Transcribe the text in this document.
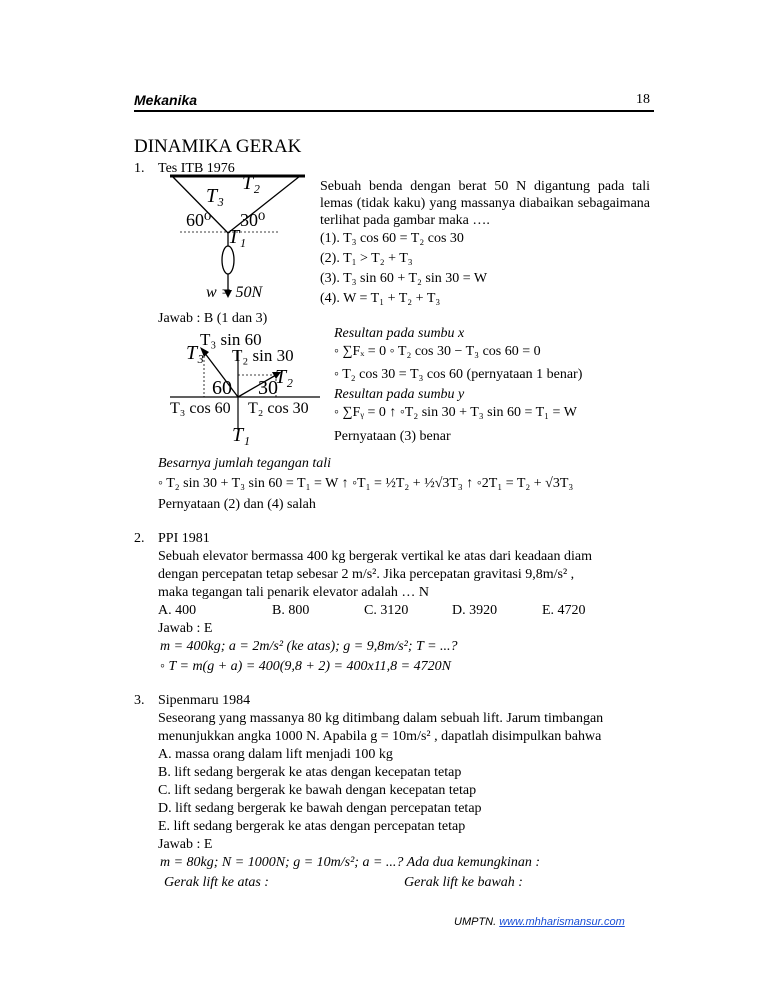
Mekanika	18
DINAMIKA GERAK
1. Tes ITB 1976
T₃
T₂
T₁
60⁰ 30⁰
w = 50N
Sebuah benda dengan berat 50 N digantung pada tali lemas (tidak kaku) yang massanya diabaikan sebagaimana terlihat pada gambar maka ….
(1). T₃ cos 60 = T₂ cos 30
(2). T₁ > T₂ + T₃
(3). T₃ sin 60 + T₂ sin 30 = W
(4). W = T₁ + T₂ + T₃
Jawab : B (1 dan 3)
T₃ sin 60
T₃ T₂ sin 30
T₂
60 30
T₃ cos 60 T₂ cos 30
T₁
Resultan pada sumbu x
◦ ∑Fₓ = 0 ◦ T₂ cos 30 − T₃ cos 60 = 0
◦ T₂ cos 30 = T₃ cos 60 (pernyataan 1 benar)
Resultan pada sumbu y
◦ ∑Fᵧ = 0 ↑ ◦T₂ sin 30 + T₃ sin 60 = T₁ = W
Pernyataan (3) benar
Besarnya jumlah tegangan tali
◦ T₂ sin 30 + T₃ sin 60 = T₁ = W ↑ ◦T₁ = ½T₂ + ½√3T₃ ↑ ◦2T₁ = T₂ + √3T₃
Pernyataan (2) dan (4) salah
2. PPI 1981
Sebuah elevator bermassa 400 kg bergerak vertikal ke atas dari keadaan diam
dengan percepatan tetap sebesar 2 m/s². Jika percepatan gravitasi 9,8m/s² ,
maka tegangan tali penarik elevator adalah … N
A. 400	B. 800	C. 3120	D. 3920	E. 4720
Jawab : E
m = 400kg; a = 2m/s² (ke atas); g = 9,8m/s²; T = ...?
◦ T = m(g + a) = 400(9,8 + 2) = 400x11,8 = 4720N
3. Sipenmaru 1984
Seseorang yang massanya 80 kg ditimbang dalam sebuah lift. Jarum timbangan
menunjukkan angka 1000 N. Apabila g = 10m/s² , dapatlah disimpulkan bahwa
A. massa orang dalam lift menjadi 100 kg
B. lift sedang bergerak ke atas dengan kecepatan tetap
C. lift sedang bergerak ke bawah dengan kecepatan tetap
D. lift sedang bergerak ke bawah dengan percepatan tetap
E. lift sedang bergerak ke atas dengan percepatan tetap
Jawab : E
m = 80kg; N = 1000N; g = 10m/s²; a = ...? Ada dua kemungkinan :
Gerak lift ke atas :	Gerak lift ke bawah :
UMPTN. www.mhharismansur.com
